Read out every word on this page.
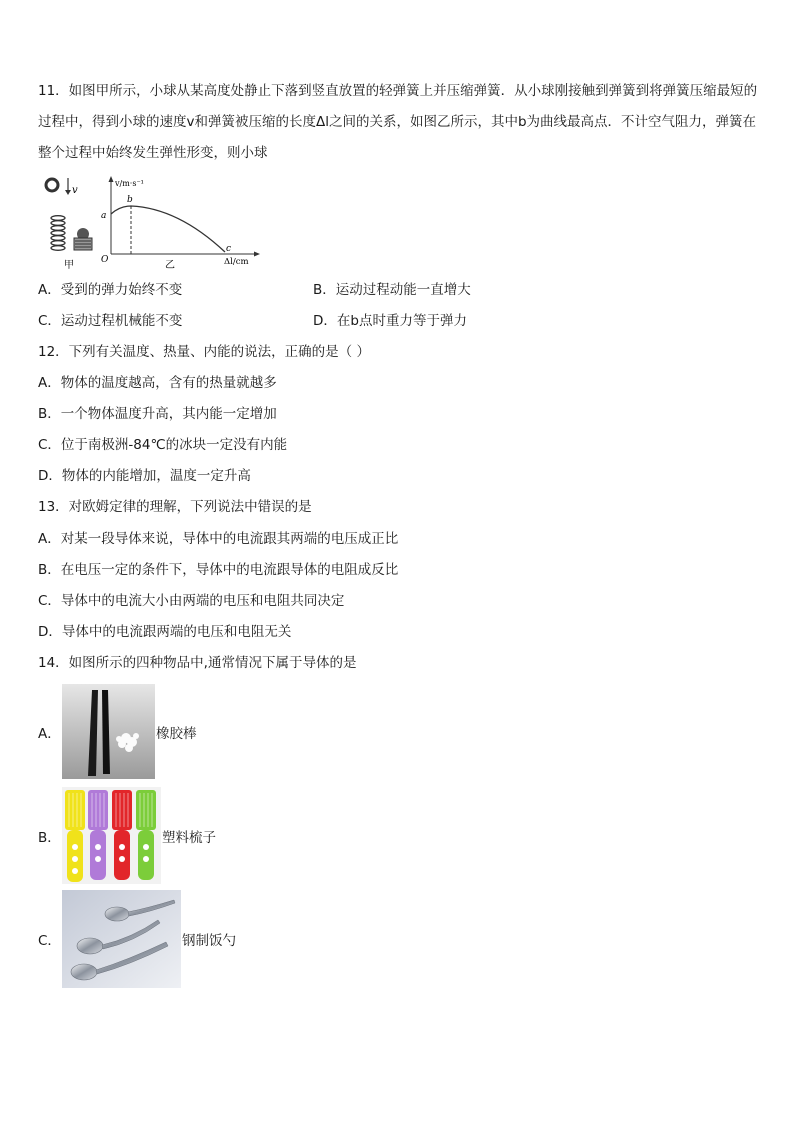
11．如图甲所示，小球从某高度处静止下落到竖直放置的轻弹簧上并压缩弹簧．从小球刚接触到弹簧到将弹簧压缩最短的过程中，得到小球的速度v和弹簧被压缩的长度Δl之间的关系，如图乙所示，其中b为曲线最高点．不计空气阻力，弹簧在整个过程中始终发生弹性形变，则小球
v
甲
v/m·s⁻¹
O
a
b
c
Δl/cm
乙
A．受到的弹力始终不变	B．运动过程动能一直增大
C．运动过程机械能不变	D．在b点时重力等于弹力
12．下列有关温度、热量、内能的说法，正确的是（ ）
A．物体的温度越高，含有的热量就越多
B．一个物体温度升高，其内能一定增加
C．位于南极洲-84℃的冰块一定没有内能
D．物体的内能增加，温度一定升高
13．对欧姆定律的理解，下列说法中错误的是
A．对某一段导体来说，导体中的电流跟其两端的电压成正比
B．在电压一定的条件下，导体中的电流跟导体的电阻成反比
C．导体中的电流大小由两端的电压和电阻共同决定
D．导体中的电流跟两端的电压和电阻无关
14．如图所示的四种物品中,通常情况下属于导体的是
A．	橡胶棒
B．	塑料梳子
C．	钢制饭勺
